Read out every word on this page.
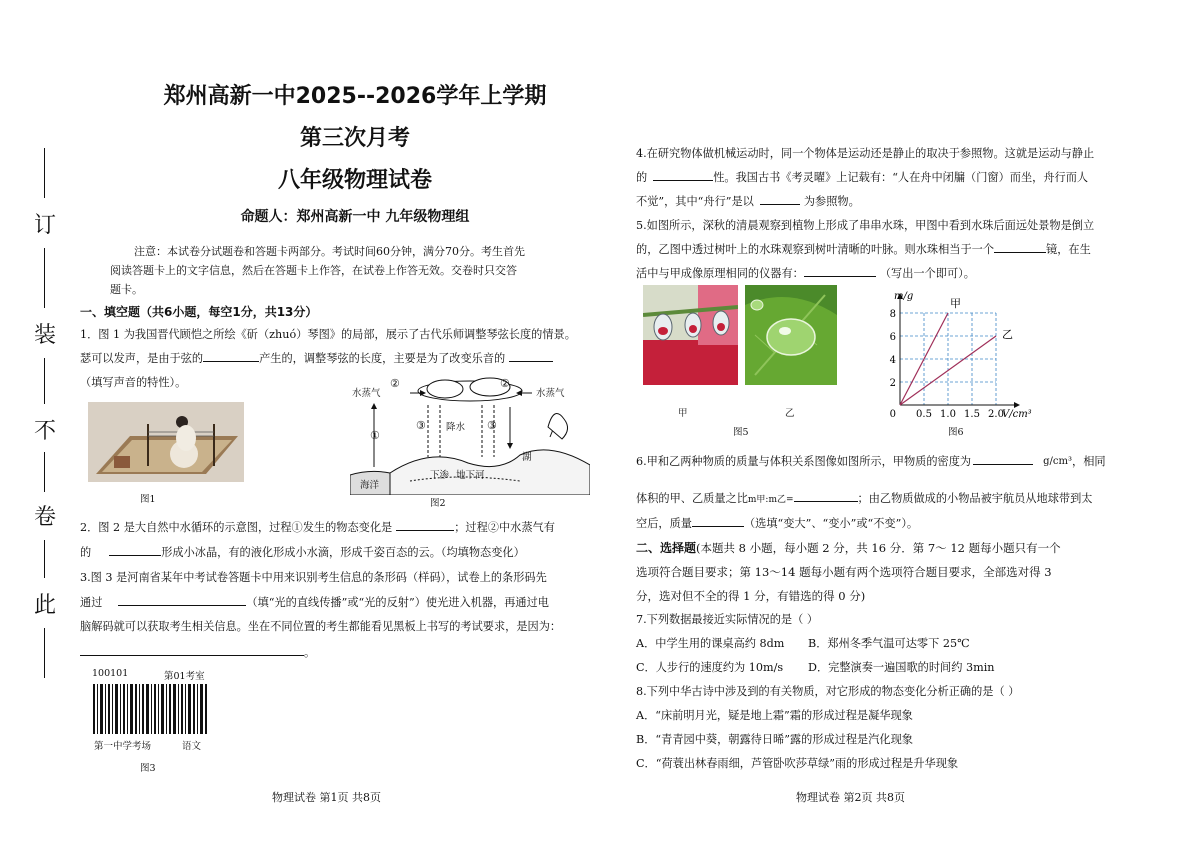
订
装
不
卷
此
郑州高新一中2025--2026学年上学期
第三次月考
八年级物理试卷
命题人：郑州高新一中 九年级物理组
注意：本试卷分试题卷和答题卡两部分。考试时间60分钟，满分70分。考生首先
阅读答题卡上的文字信息，然后在答题卡上作答，在试卷上作答无效。交卷时只交答
题卡。
一、填空题（共6小题，每空1分，共13分）
1．图 1 为我国晋代顾恺之所绘《斫（zhuó）琴图》的局部，展示了古代乐师调整琴弦长度的情景。
瑟可以发声，是由于弦的	产生的，调整琴弦的长度，主要是为了改变乐音的
（填写声音的特性）。
图1
水蒸气	水蒸气
②	②
①
③	③
降水
湖
海洋
下渗 地下河
图2
2．图 2 是大自然中水循环的示意图，过程①发生的物态变化是	；过程②中水蒸气有
的	形成小冰晶，有的液化形成小水滴，形成千姿百态的云。（均填物态变化）
3.图 3 是河南省某年中考试卷答题卡中用来识别考生信息的条形码（样码），试卷上的条形码先
通过	（填“光的直线传播”或“光的反射”）使光进入机器，再通过电
脑解码就可以获取考生相关信息。坐在不同位置的考生都能看见黑板上书写的考试要求，是因为：
。
100101	第01考室
第一中学考场	语文
图3
物理试卷 第1页 共8页
4.在研究物体做机械运动时，同一个物体是运动还是静止的取决于参照物。这就是运动与静止
的	性。我国古书《考灵曜》上记载有：“人在舟中闭牖（门窗）而坐，舟行而人
不觉”，其中“舟行”是以	为参照物。
5.如图所示，深秋的清晨观察到植物上形成了串串水珠，甲图中看到水珠后面远处景物是倒立
的，乙图中透过树叶上的水珠观察到树叶清晰的叶脉。则水珠相当于一个	镜，在生
活中与甲成像原理相同的仪器有：	（写出一个即可）。
甲	乙
图5
0.5 1.0 1.5 2.0
2
4
6
8
0
m/g
V/cm³
甲
乙
图6
6.甲和乙两种物质的质量与体积关系图像如图所示，甲物质的密度为	g/cm³，相同
体积的甲、乙质量之比m甲:m乙=	；由乙物质做成的小物品被宇航员从地球带到太
空后，质量	（选填“变大”、“变小”或“不变”）。
二、选择题(本题共 8 小题，每小题 2 分，共 16 分．第 7～ 12 题每小题只有一个
选项符合题目要求；第 13～14 题每小题有两个选项符合题目要求，全部选对得 3
分，选对但不全的得 1 分，有错选的得 0 分)
7.下列数据最接近实际情况的是（ ）
A．中学生用的课桌高约 8dm B．郑州冬季气温可达零下 25℃
C．人步行的速度约为 10m/s D．完整演奏一遍国歌的时间约 3min
8.下列中华古诗中涉及到的有关物质，对它形成的物态变化分析正确的是（ ）
A．“床前明月光，疑是地上霜”霜的形成过程是凝华现象
B．“青青园中葵，朝露待日晞”露的形成过程是汽化现象
C．“荷蓑出林春雨细，芦管卧吹莎草绿”雨的形成过程是升华现象
物理试卷 第2页 共8页
